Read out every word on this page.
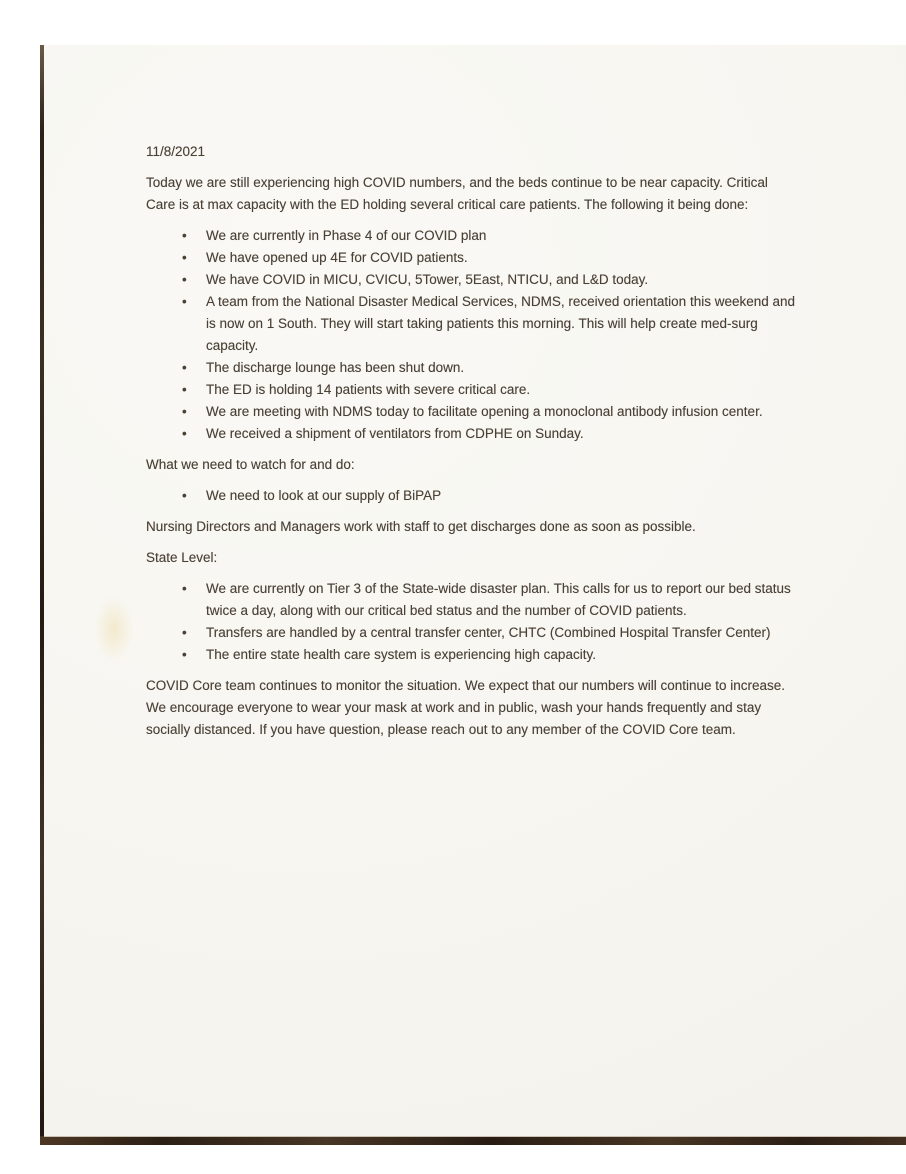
11/8/2021

Today we are still experiencing high COVID numbers, and the beds continue to be near capacity. Critical Care is at max capacity with the ED holding several critical care patients. The following it being done:

• We are currently in Phase 4 of our COVID plan
• We have opened up 4E for COVID patients.
• We have COVID in MICU, CVICU, 5Tower, 5East, NTICU, and L&D today.
• A team from the National Disaster Medical Services, NDMS, received orientation this weekend and is now on 1 South. They will start taking patients this morning. This will help create med-surg capacity.
• The discharge lounge has been shut down.
• The ED is holding 14 patients with severe critical care.
• We are meeting with NDMS today to facilitate opening a monoclonal antibody infusion center.
• We received a shipment of ventilators from CDPHE on Sunday.

What we need to watch for and do:

• We need to look at our supply of BiPAP

Nursing Directors and Managers work with staff to get discharges done as soon as possible.

State Level:

• We are currently on Tier 3 of the State-wide disaster plan. This calls for us to report our bed status twice a day, along with our critical bed status and the number of COVID patients.
• Transfers are handled by a central transfer center, CHTC (Combined Hospital Transfer Center)
• The entire state health care system is experiencing high capacity.

COVID Core team continues to monitor the situation. We expect that our numbers will continue to increase. We encourage everyone to wear your mask at work and in public, wash your hands frequently and stay socially distanced. If you have question, please reach out to any member of the COVID Core team.
